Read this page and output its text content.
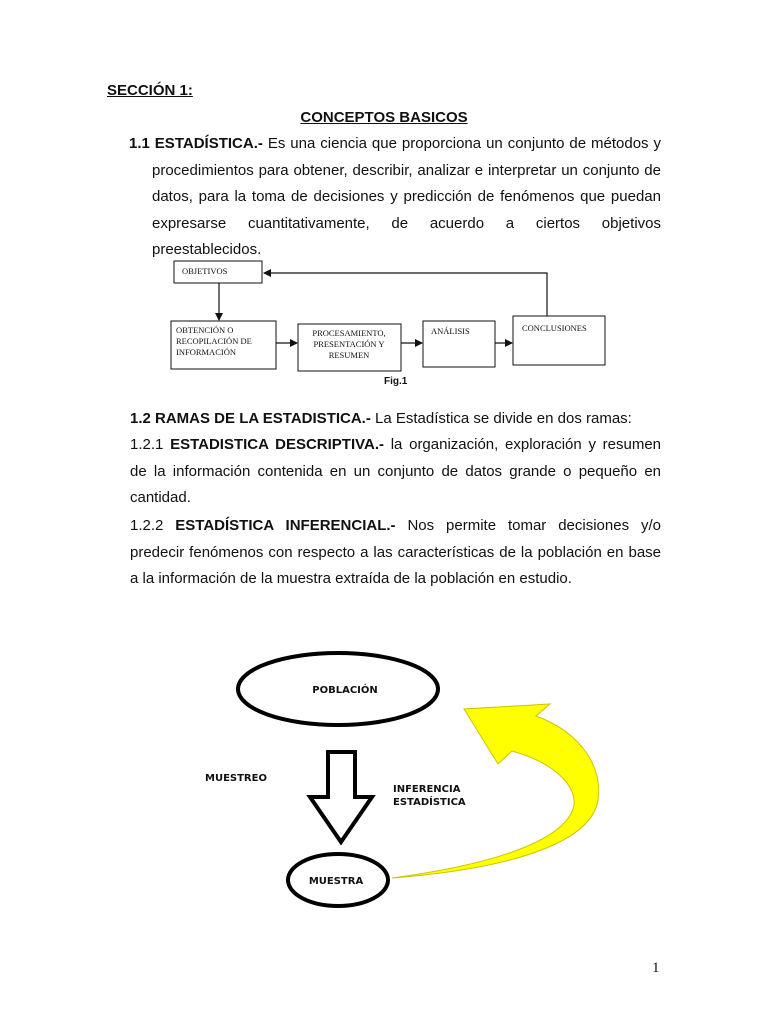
SECCIÓN 1:

CONCEPTOS BASICOS

1.1 ESTADÍSTICA.- Es una ciencia que proporciona un conjunto de métodos y procedimientos para obtener, describir, analizar e interpretar un conjunto de datos, para la toma de decisiones y predicción de fenómenos que puedan expresarse cuantitativamente, de acuerdo a ciertos objetivos preestablecidos.

OBJETIVOS
OBTENCIÓN O
RECOPILACIÓN DE
INFORMACIÓN
PROCESAMIENTO,
PRESENTACIÓN Y
RESUMEN
ANÁLISIS	CONCLUSIONES
Fig.1
POBLACIÓN
MUESTREO
INFERENCIA
ESTADÍSTICA
MUESTRA

1.2 RAMAS DE LA ESTADISTICA.- La Estadística se divide en dos ramas:

1.2.1 ESTADISTICA DESCRIPTIVA.- la organización, exploración y resumen de la información contenida en un conjunto de datos grande o pequeño en cantidad.

1.2.2 ESTADÍSTICA INFERENCIAL.- Nos permite tomar decisiones y/o predecir fenómenos con respecto a las características de la población en base a la información de la muestra extraída de la población en estudio.

1
